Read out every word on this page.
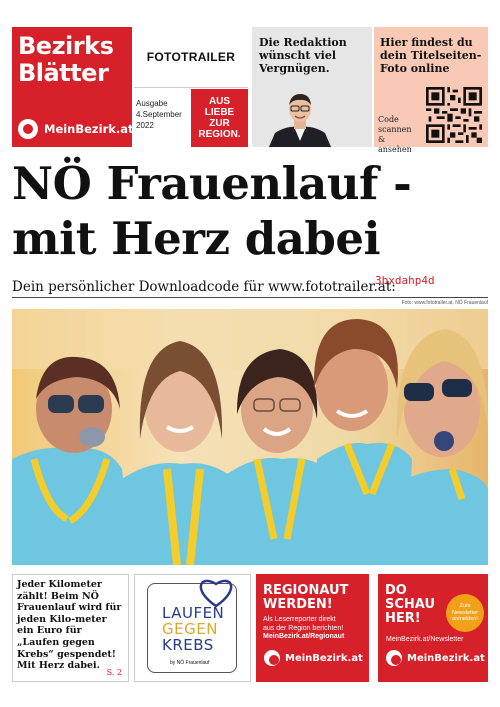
Bezirks
Blätter
MeinBezirk.at
FOTOTRAILER
Ausgabe
4.September 2022
AUS LIEBE ZUR REGION.
Die Redaktion wünscht viel Vergnügen.
Hier findest du dein Titelseiten-Foto online
Code scannen & ansehen
NÖ Frauenlauf -
mit Herz dabei
Dein persönlicher Downloadcode für www.fototrailer.at:
3bxdahp4d
Foto: www.fototrailer.at, NÖ Frauenlauf
Jeder Kilometer zählt! Beim NÖ Frauenlauf wird für jeden Kilo-meter ein Euro für „Laufen gegen Krebs“ gespendet! Mit Herz dabei.
S. 2
LAUFEN
GEGEN
KREBS
by NÖ Frauenlauf
REGIONAUT WERDEN!
Als Leserreporter direkt
aus der Region berichten!
MeinBezirk.at/Regionaut
MeinBezirk.at
DO SCHAU HER!
Zum Newsletter anmelden!
MeinBezirk.at/Newsletter
MeinBezirk.at
